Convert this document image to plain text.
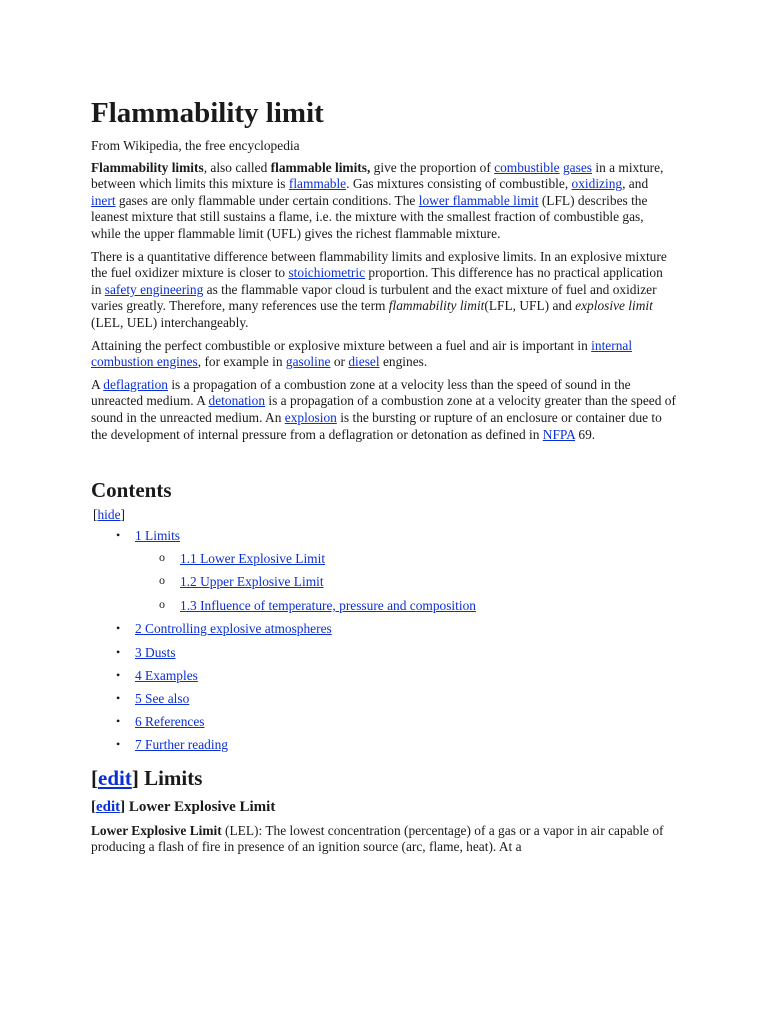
Flammability limit
From Wikipedia, the free encyclopedia

Flammability limits, also called flammable limits, give the proportion of combustible gases in a mixture, between which limits this mixture is flammable. Gas mixtures consisting of combustible, oxidizing, and inert gases are only flammable under certain conditions. The lower flammable limit (LFL) describes the leanest mixture that still sustains a flame, i.e. the mixture with the smallest fraction of combustible gas, while the upper flammable limit (UFL) gives the richest flammable mixture.

There is a quantitative difference between flammability limits and explosive limits. In an explosive mixture the fuel oxidizer mixture is closer to stoichiometric proportion. This difference has no practical application in safety engineering as the flammable vapor cloud is turbulent and the exact mixture of fuel and oxidizer varies greatly. Therefore, many references use the term flammability limit(LFL, UFL) and explosive limit (LEL, UEL) interchangeably.

Attaining the perfect combustible or explosive mixture between a fuel and air is important in internal combustion engines, for example in gasoline or diesel engines.

A deflagration is a propagation of a combustion zone at a velocity less than the speed of sound in the unreacted medium. A detonation is a propagation of a combustion zone at a velocity greater than the speed of sound in the unreacted medium. An explosion is the bursting or rupture of an enclosure or container due to the development of internal pressure from a deflagration or detonation as defined in NFPA 69.

Contents
[hide]
• 1 Limits
o 1.1 Lower Explosive Limit
o 1.2 Upper Explosive Limit
o 1.3 Influence of temperature, pressure and composition
• 2 Controlling explosive atmospheres
• 3 Dusts
• 4 Examples
• 5 See also
• 6 References
• 7 Further reading
[edit] Limits
[edit] Lower Explosive Limit

Lower Explosive Limit (LEL): The lowest concentration (percentage) of a gas or a vapor in air capable of producing a flash of fire in presence of an ignition source (arc, flame, heat). At a
